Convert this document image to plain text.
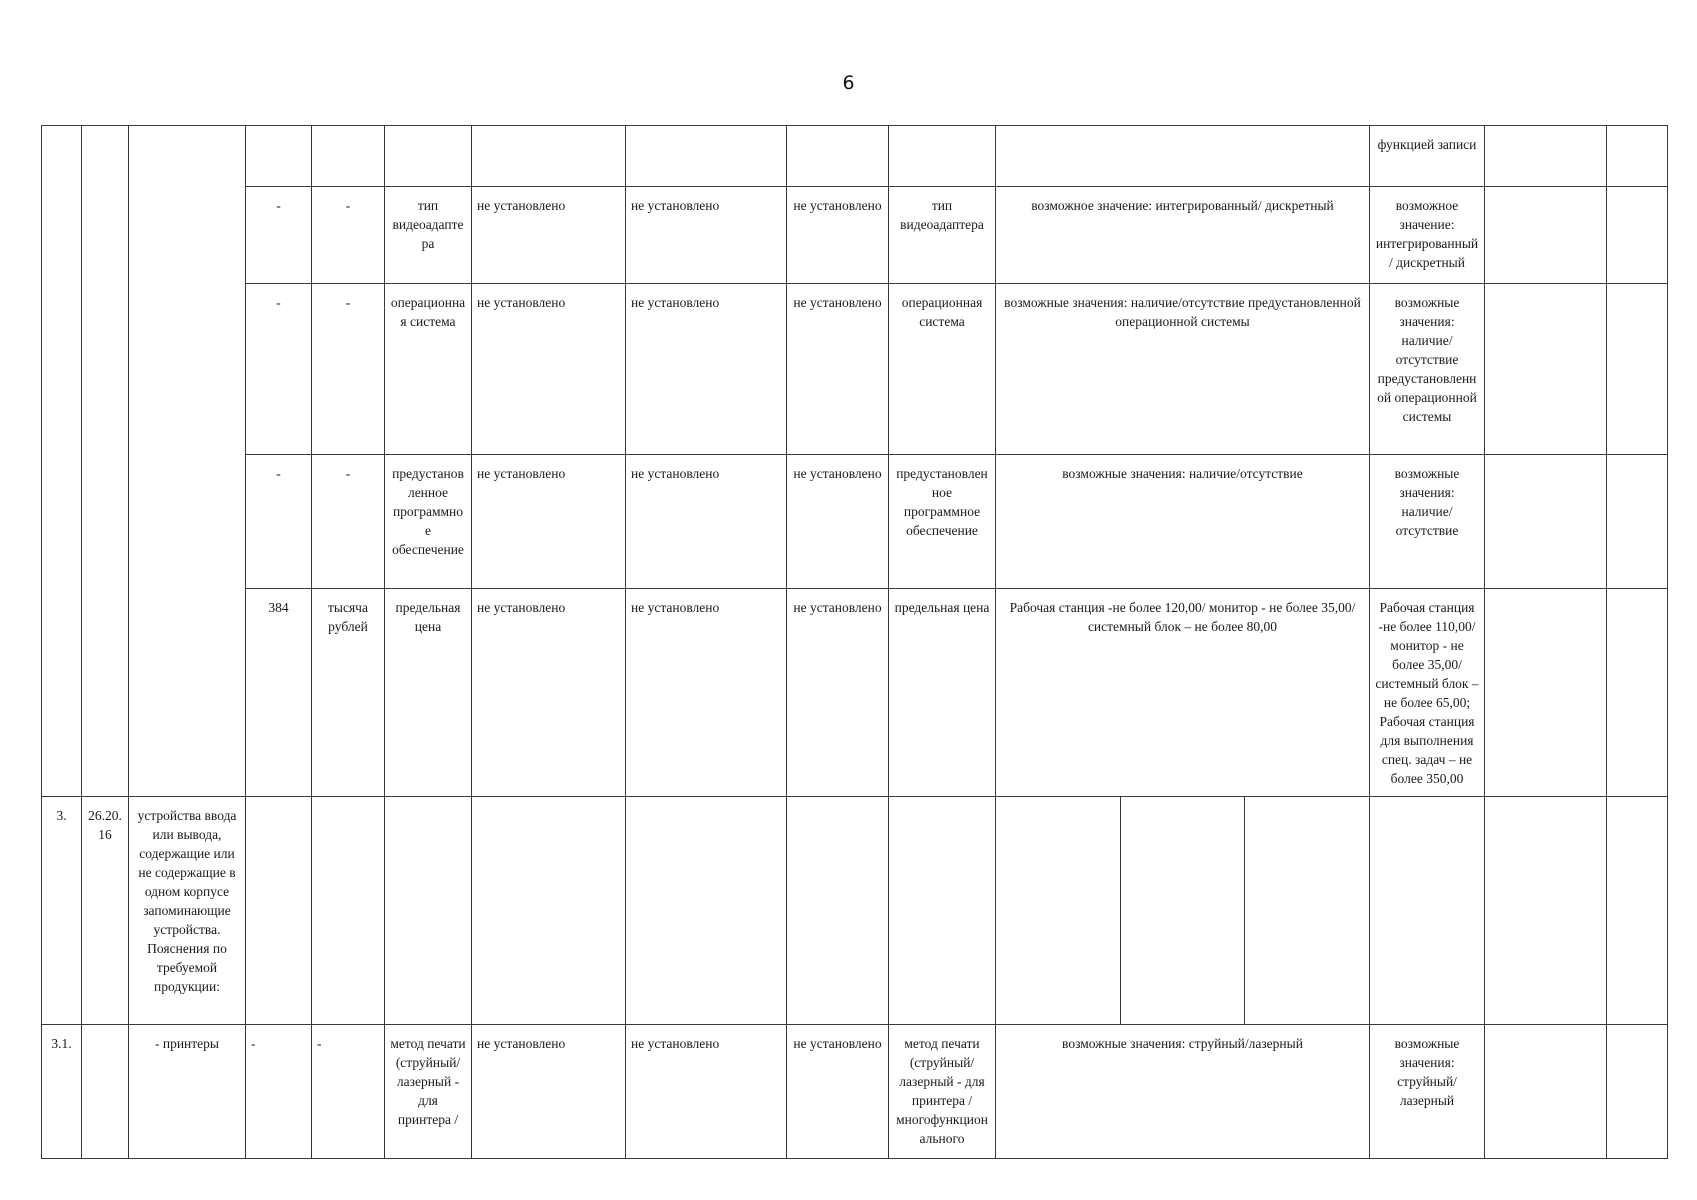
6
											функцией записи		
			-	-	тип видеоадаптера	не установлено	не установлено	не установлено	тип видеоадаптера	возможное значение: интегрированный/ дискретный	возможное значение: интегрированный/ дискретный		
			-	-	операционная система	не установлено	не установлено	не установлено	операционная система	возможные значения: наличие/отсутствие предустановленной операционной системы	возможные значения: наличие/отсутствие предустановленной операционной системы		
			-	-	предустановленное программное обеспечение	не установлено	не установлено	не установлено	предустановленное программное обеспечение	возможные значения: наличие/отсутствие	возможные значения: наличие/отсутствие		
			384	тысяча рублей	предельная цена	не установлено	не установлено	не установлено	предельная цена	Рабочая станция -не более 120,00/ монитор - не более 35,00/ системный блок – не более 80,00	Рабочая станция -не более 110,00/ монитор - не более 35,00/ системный блок – не более 65,00; Рабочая станция для выполнения спец. задач – не более 350,00		
3.	26.20.16	устройства ввода или вывода, содержащие или не содержащие в одном корпусе запоминающие устройства. Пояснения по требуемой продукции:								

3.1.		- принтеры	-	-	метод печати (струйный/ лазерный - для принтера /	не установлено	не установлено	не установлено	метод печати (струйный/лазерный - для принтера / многофункционального	возможные значения: струйный/лазерный	возможные значения: струйный/лазерный		
